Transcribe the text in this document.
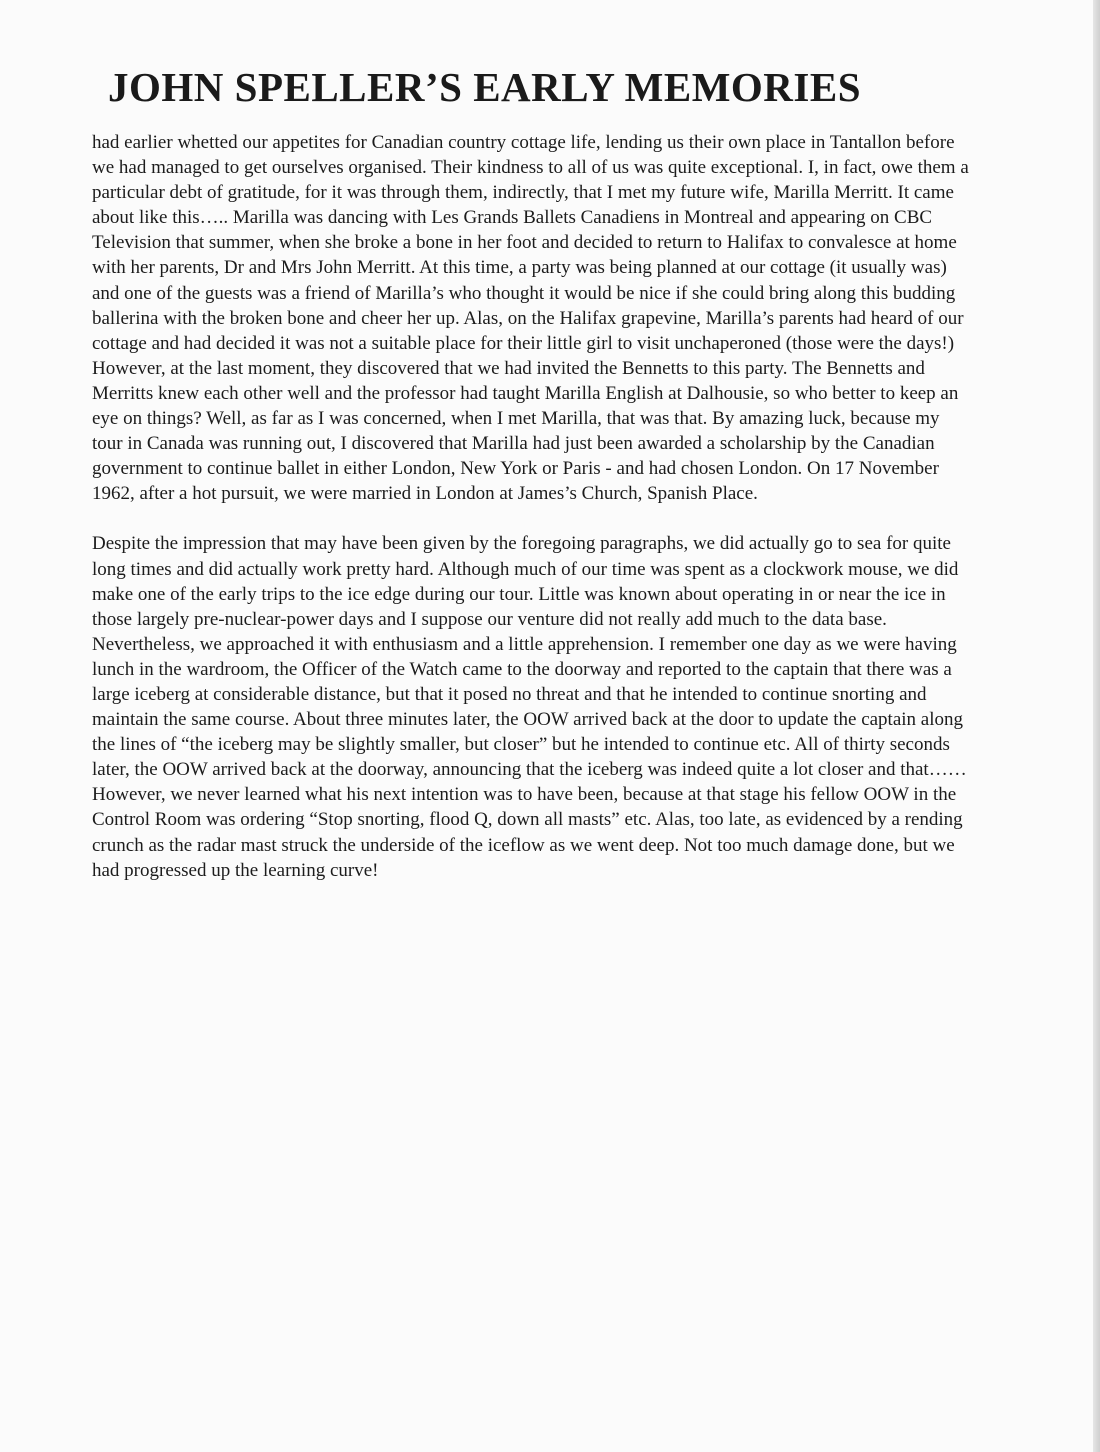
JOHN SPELLER’S EARLY MEMORIES

had earlier whetted our appetites for Canadian country cottage life, lending us their own place in Tantallon before we had managed to get ourselves organised. Their kindness to all of us was quite exceptional. I, in fact, owe them a particular debt of gratitude, for it was through them, indirectly, that I met my future wife, Marilla Merritt. It came about like this….. Marilla was dancing with Les Grands Ballets Canadiens in Montreal and appearing on CBC Television that summer, when she broke a bone in her foot and decided to return to Halifax to convalesce at home with her parents, Dr and Mrs John Merritt. At this time, a party was being planned at our cottage (it usually was) and one of the guests was a friend of Marilla’s who thought it would be nice if she could bring along this budding ballerina with the broken bone and cheer her up. Alas, on the Halifax grapevine, Marilla’s parents had heard of our cottage and had decided it was not a suitable place for their little girl to visit unchaperoned (those were the days!) However, at the last moment, they discovered that we had invited the Bennetts to this party. The Bennetts and Merritts knew each other well and the professor had taught Marilla English at Dalhousie, so who better to keep an eye on things? Well, as far as I was concerned, when I met Marilla, that was that. By amazing luck, because my tour in Canada was running out, I discovered that Marilla had just been awarded a scholarship by the Canadian government to continue ballet in either London, New York or Paris - and had chosen London. On 17 November 1962, after a hot pursuit, we were married in London at James’s Church, Spanish Place.

Despite the impression that may have been given by the foregoing paragraphs, we did actually go to sea for quite long times and did actually work pretty hard. Although much of our time was spent as a clockwork mouse, we did make one of the early trips to the ice edge during our tour. Little was known about operating in or near the ice in those largely pre-nuclear-power days and I suppose our venture did not really add much to the data base. Nevertheless, we approached it with enthusiasm and a little apprehension. I remember one day as we were having lunch in the wardroom, the Officer of the Watch came to the doorway and reported to the captain that there was a large iceberg at considerable distance, but that it posed no threat and that he intended to continue snorting and maintain the same course. About three minutes later, the OOW arrived back at the door to update the captain along the lines of “the iceberg may be slightly smaller, but closer” but he intended to continue etc. All of thirty seconds later, the OOW arrived back at the doorway, announcing that the iceberg was indeed quite a lot closer and that…… However, we never learned what his next intention was to have been, because at that stage his fellow OOW in the Control Room was ordering “Stop snorting, flood Q, down all masts” etc. Alas, too late, as evidenced by a rending crunch as the radar mast struck the underside of the iceflow as we went deep. Not too much damage done, but we had progressed up the learning curve!
